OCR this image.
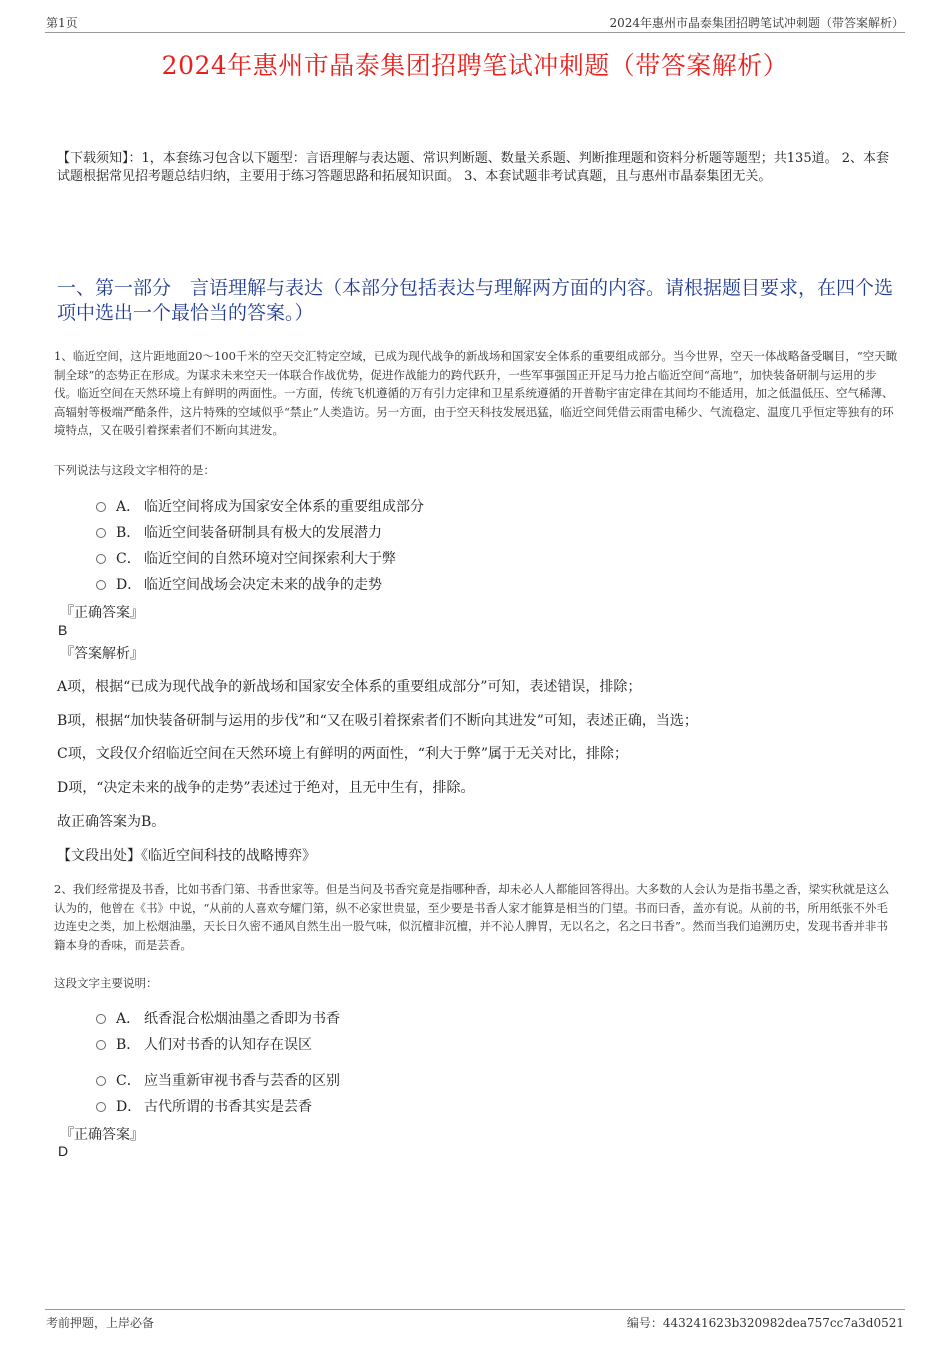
第1页	2024年惠州市晶泰集团招聘笔试冲刺题（带答案解析）
2024年惠州市晶泰集团招聘笔试冲刺题（带答案解析）
【下载须知】：1，本套练习包含以下题型：言语理解与表达题、常识判断题、数量关系题、判断推理题和资料分析题等题型；共135道。 2、本套试题根据常见招考题总结归纳，主要用于练习答题思路和拓展知识面。 3、本套试题非考试真题，且与惠州市晶泰集团无关。
一、第一部分　言语理解与表达（本部分包括表达与理解两方面的内容。请根据题目要求，在四个选项中选出一个最恰当的答案。）
1、临近空间，这片距地面20～100千米的空天交汇特定空域，已成为现代战争的新战场和国家安全体系的重要组成部分。当今世界，空天一体战略备受瞩目，“空天瞰制全球”的态势正在形成。为谋求未来空天一体联合作战优势，促进作战能力的跨代跃升，一些军事强国正开足马力抢占临近空间“高地”，加快装备研制与运用的步伐。临近空间在天然环境上有鲜明的两面性。一方面，传统飞机遵循的万有引力定律和卫星系统遵循的开普勒宇宙定律在其间均不能适用，加之低温低压、空气稀薄、高辐射等极端严酷条件，这片特殊的空域似乎“禁止”人类造访。另一方面，由于空天科技发展迅猛，临近空间凭借云雨雷电稀少、气流稳定、温度几乎恒定等独有的环境特点，又在吸引着探索者们不断向其进发。
下列说法与这段文字相符的是：
A． 临近空间将成为国家安全体系的重要组成部分
B． 临近空间装备研制具有极大的发展潜力
C． 临近空间的自然环境对空间探索利大于弊
D． 临近空间战场会决定未来的战争的走势
『正确答案』
B
『答案解析』
A项，根据“已成为现代战争的新战场和国家安全体系的重要组成部分”可知，表述错误，排除；
B项，根据“加快装备研制与运用的步伐”和“又在吸引着探索者们不断向其进发”可知，表述正确，当选；
C项，文段仅介绍临近空间在天然环境上有鲜明的两面性，“利大于弊”属于无关对比，排除；
D项，“决定未来的战争的走势”表述过于绝对，且无中生有，排除。
故正确答案为B。
【文段出处】《临近空间科技的战略博弈》
2、我们经常提及书香，比如书香门第、书香世家等。但是当问及书香究竟是指哪种香，却未必人人都能回答得出。大多数的人会认为是指书墨之香，梁实秋就是这么认为的，他曾在《书》中说，“从前的人喜欢夸耀门第，纵不必家世贵显，至少要是书香人家才能算是相当的门望。书而曰香，盖亦有说。从前的书，所用纸张不外毛边连史之类，加上松烟油墨，天长日久密不通风自然生出一股气味，似沉檀非沉檀，并不沁人脾胃，无以名之，名之曰书香”。然而当我们追溯历史，发现书香并非书籍本身的香味，而是芸香。
这段文字主要说明：
A． 纸香混合松烟油墨之香即为书香
B． 人们对书香的认知存在误区
C． 应当重新审视书香与芸香的区别
D． 古代所谓的书香其实是芸香
『正确答案』
D
考前押题，上岸必备	编号：443241623b320982dea757cc7a3d0521
